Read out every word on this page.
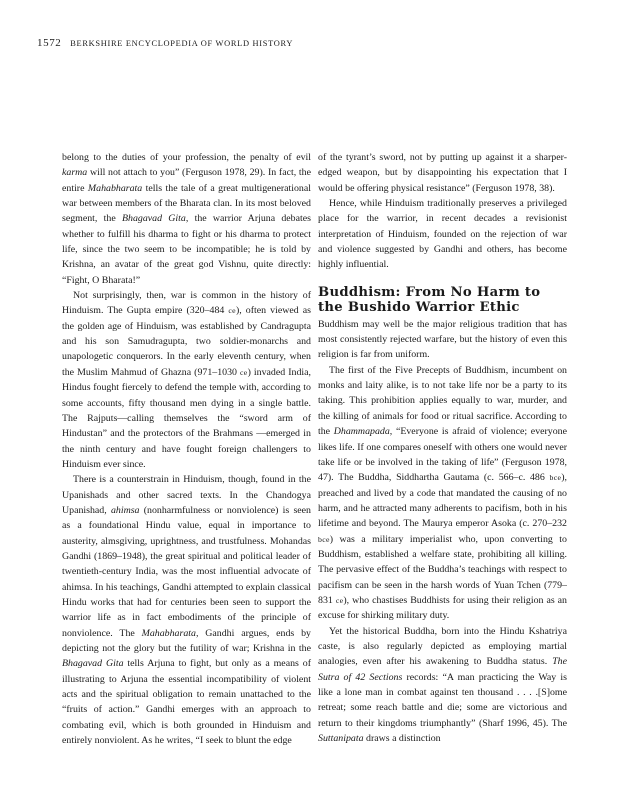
1572 BERKSHIRE ENCYCLOPEDIA OF WORLD HISTORY

belong to the duties of your profession, the penalty of evil karma will not attach to you” (Ferguson 1978, 29). In fact, the entire Mahabharata tells the tale of a great multigenerational war between members of the Bharata clan. In its most beloved segment, the Bhagavad Gita, the warrior Arjuna debates whether to fulfill his dharma to fight or his dharma to protect life, since the two seem to be incompatible; he is told by Krishna, an avatar of the great god Vishnu, quite directly: “Fight, O Bharata!”

Not surprisingly, then, war is common in the history of Hinduism. The Gupta empire (320–484 ce), often viewed as the golden age of Hinduism, was established by Candragupta and his son Samudragupta, two soldier-monarchs and unapologetic conquerors. In the early eleventh century, when the Muslim Mahmud of Ghazna (971–1030 ce) invaded India, Hindus fought fiercely to defend the temple with, according to some accounts, fifty thousand men dying in a single battle. The Rajputs—calling themselves the “sword arm of Hindustan” and the protectors of the Brahmans —emerged in the ninth century and have fought foreign challengers to Hinduism ever since.

There is a counterstrain in Hinduism, though, found in the Upanishads and other sacred texts. In the Chandogya Upanishad, ahimsa (nonharmfulness or nonviolence) is seen as a foundational Hindu value, equal in importance to austerity, almsgiving, uprightness, and trustfulness. Mohandas Gandhi (1869–1948), the great spiritual and political leader of twentieth-century India, was the most influential advocate of ahimsa. In his teachings, Gandhi attempted to explain classical Hindu works that had for centuries been seen to support the warrior life as in fact embodiments of the principle of nonviolence. The Mahabharata, Gandhi argues, ends by depicting not the glory but the futility of war; Krishna in the Bhagavad Gita tells Arjuna to fight, but only as a means of illustrating to Arjuna the essential incompatibility of violent acts and the spiritual obligation to remain unattached to the “fruits of action.” Gandhi emerges with an approach to combating evil, which is both grounded in Hinduism and entirely nonviolent. As he writes, “I seek to blunt the edge

of the tyrant’s sword, not by putting up against it a sharper-edged weapon, but by disappointing his expectation that I would be offering physical resistance” (Ferguson 1978, 38).

Hence, while Hinduism traditionally preserves a privileged place for the warrior, in recent decades a revisionist interpretation of Hinduism, founded on the rejection of war and violence suggested by Gandhi and others, has become highly influential.

Buddhism: From No Harm to the Bushido Warrior Ethic

Buddhism may well be the major religious tradition that has most consistently rejected warfare, but the history of even this religion is far from uniform.

The first of the Five Precepts of Buddhism, incumbent on monks and laity alike, is to not take life nor be a party to its taking. This prohibition applies equally to war, murder, and the killing of animals for food or ritual sacrifice. According to the Dhammapada, “Everyone is afraid of violence; everyone likes life. If one compares oneself with others one would never take life or be involved in the taking of life” (Ferguson 1978, 47). The Buddha, Siddhartha Gautama (c. 566–c. 486 bce), preached and lived by a code that mandated the causing of no harm, and he attracted many adherents to pacifism, both in his lifetime and beyond. The Maurya emperor Asoka (c. 270–232 bce) was a military imperialist who, upon converting to Buddhism, established a welfare state, prohibiting all killing. The pervasive effect of the Buddha’s teachings with respect to pacifism can be seen in the harsh words of Yuan Tchen (779–831 ce), who chastises Buddhists for using their religion as an excuse for shirking military duty.

Yet the historical Buddha, born into the Hindu Kshatriya caste, is also regularly depicted as employing martial analogies, even after his awakening to Buddha status. The Sutra of 42 Sections records: “A man practicing the Way is like a lone man in combat against ten thousand . . . .[S]ome retreat; some reach battle and die; some are victorious and return to their kingdoms triumphantly” (Sharf 1996, 45). The Suttanipata draws a distinction
